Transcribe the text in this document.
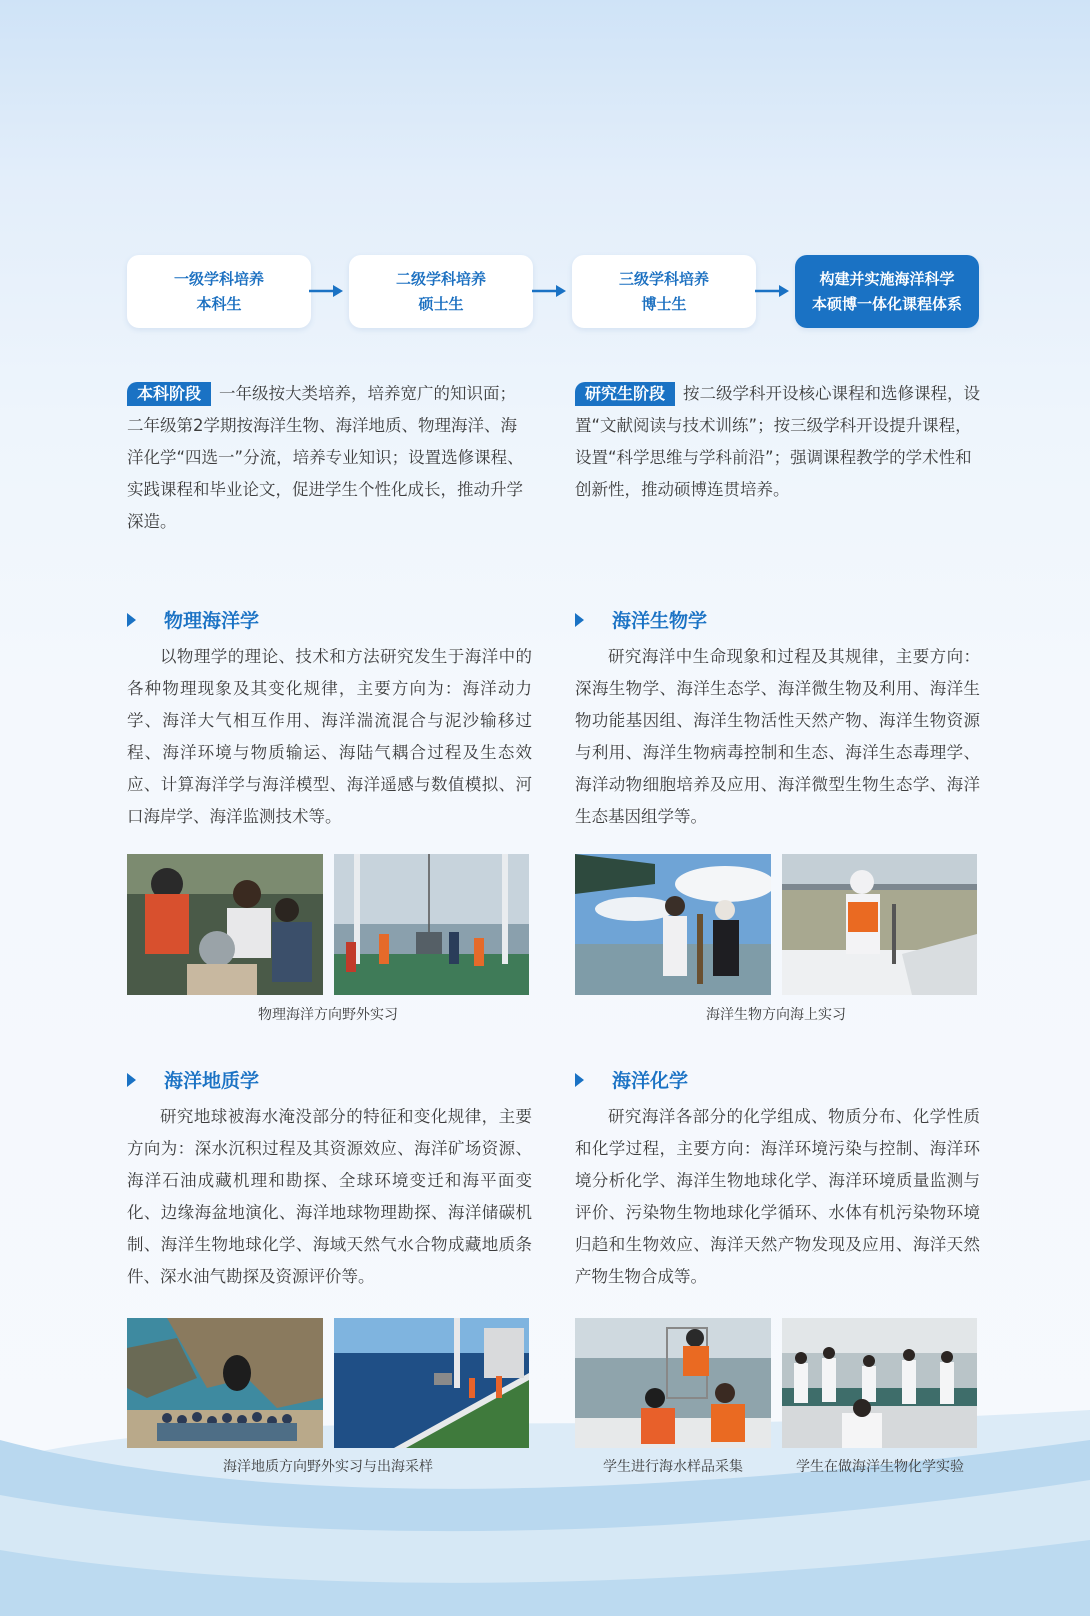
一级学科培养
本科生
二级学科培养
硕士生
三级学科培养
博士生
构建并实施海洋科学
本硕博一体化课程体系
本科阶段 一年级按大类培养，培养宽广的知识面；二年级第2学期按海洋生物、海洋地质、物理海洋、海洋化学“四选一”分流，培养专业知识；设置选修课程、实践课程和毕业论文，促进学生个性化成长，推动升学深造。
研究生阶段 按二级学科开设核心课程和选修课程，设置“文献阅读与技术训练”；按三级学科开设提升课程，设置“科学思维与学科前沿”；强调课程教学的学术性和创新性，推动硕博连贯培养。
物理海洋学
以物理学的理论、技术和方法研究发生于海洋中的各种物理现象及其变化规律，主要方向为：海洋动力学、海洋大气相互作用、海洋湍流混合与泥沙输移过程、海洋环境与物质输运、海陆气耦合过程及生态效应、计算海洋学与海洋模型、海洋遥感与数值模拟、河口海岸学、海洋监测技术等。
物理海洋方向野外实习
海洋生物学
研究海洋中生命现象和过程及其规律，主要方向：深海生物学、海洋生态学、海洋微生物及利用、海洋生物功能基因组、海洋生物活性天然产物、海洋生物资源与利用、海洋生物病毒控制和生态、海洋生态毒理学、海洋动物细胞培养及应用、海洋微型生物生态学、海洋生态基因组学等。
海洋生物方向海上实习
海洋地质学
研究地球被海水淹没部分的特征和变化规律，主要方向为：深水沉积过程及其资源效应、海洋矿场资源、海洋石油成藏机理和勘探、全球环境变迁和海平面变化、边缘海盆地演化、海洋地球物理勘探、海洋储碳机制、海洋生物地球化学、海域天然气水合物成藏地质条件、深水油气勘探及资源评价等。
海洋地质方向野外实习与出海采样
海洋化学
研究海洋各部分的化学组成、物质分布、化学性质和化学过程，主要方向：海洋环境污染与控制、海洋环境分析化学、海洋生物地球化学、海洋环境质量监测与评价、污染物生物地球化学循环、水体有机污染物环境归趋和生物效应、海洋天然产物发现及应用、海洋天然产物生物合成等。
学生进行海水样品采集	学生在做海洋生物化学实验
